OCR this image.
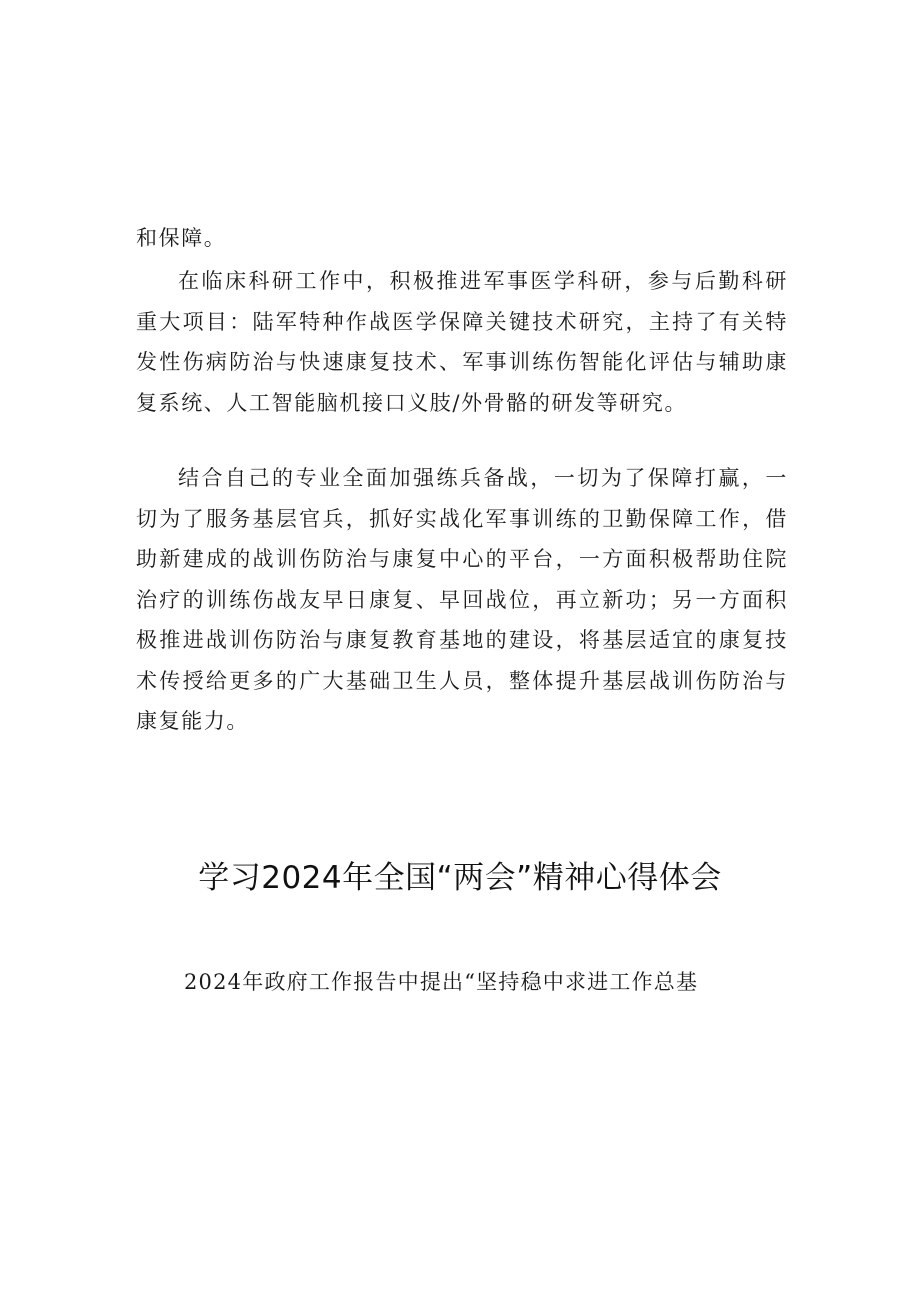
和保障。

在临床科研工作中，积极推进军事医学科研，参与后勤科研重大项目：陆军特种作战医学保障关键技术研究，主持了有关特发性伤病防治与快速康复技术、军事训练伤智能化评估与辅助康复系统、人工智能脑机接口义肢/外骨骼的研发等研究。

结合自己的专业全面加强练兵备战，一切为了保障打赢，一切为了服务基层官兵，抓好实战化军事训练的卫勤保障工作，借助新建成的战训伤防治与康复中心的平台，一方面积极帮助住院治疗的训练伤战友早日康复、早回战位，再立新功；另一方面积极推进战训伤防治与康复教育基地的建设，将基层适宜的康复技术传授给更多的广大基础卫生人员，整体提升基层战训伤防治与康复能力。

学习2024年全国“两会”精神心得体会
2024年政府工作报告中提出“坚持稳中求进工作总基
